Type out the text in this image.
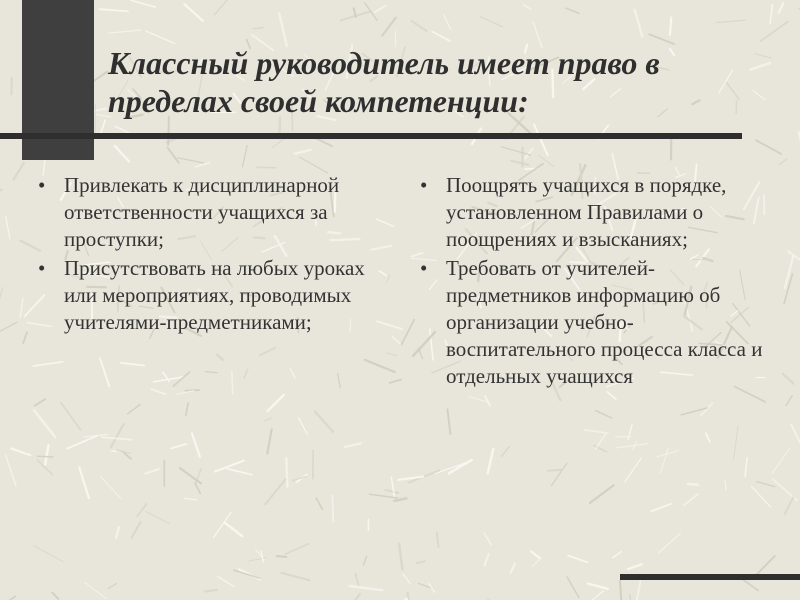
Классный руководитель имеет право в пределах своей компетенции:
• Привлекать к дисциплинарной ответственности учащихся за проступки;
• Присутствовать на любых уроках или мероприятиях, проводимых учителями-предметниками;
• Поощрять учащихся в порядке, установленном Правилами о поощрениях и взысканиях;
• Требовать от учителей-предметников информацию об организации учебно-воспитательного процесса класса и отдельных учащихся
